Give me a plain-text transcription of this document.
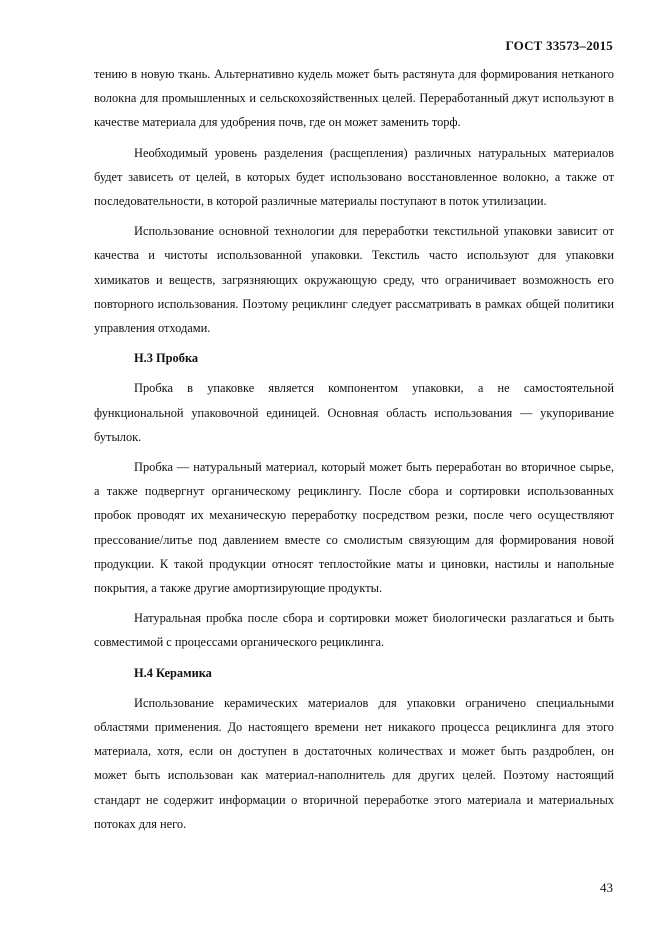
ГОСТ 33573–2015

тению в новую ткань. Альтернативно кудель может быть растянута для формирования нетканого волокна для промышленных и сельскохозяйственных целей. Переработанный джут используют в качестве материала для удобрения почв, где он может заменить торф.

Необходимый уровень разделения (расщепления) различных натуральных материалов будет зависеть от целей, в которых будет использовано восстановленное волокно, а также от последовательности, в которой различные материалы поступают в поток утилизации.

Использование основной технологии для переработки текстильной упаковки зависит от качества и чистоты использованной упаковки. Текстиль часто используют для упаковки химикатов и веществ, загрязняющих окружающую среду, что ограничивает возможность его повторного использования. Поэтому рециклинг следует рассматривать в рамках общей политики управления отходами.

Н.3 Пробка

Пробка в упаковке является компонентом упаковки, а не самостоятельной функциональной упаковочной единицей. Основная область использования — укупоривание бутылок.

Пробка — натуральный материал, который может быть переработан во вторичное сырье, а также подвергнут органическому рециклингу. После сбора и сортировки использованных пробок проводят их механическую переработку посредством резки, после чего осуществляют прессование/литье под давлением вместе со смолистым связующим для формирования новой продукции. К такой продукции относят теплостойкие маты и циновки, настилы и напольные покрытия, а также другие амортизирующие продукты.

Натуральная пробка после сбора и сортировки может биологически разлагаться и быть совместимой с процессами органического рециклинга.

Н.4 Керамика

Использование керамических материалов для упаковки ограничено специальными областями применения. До настоящего времени нет никакого процесса рециклинга для этого материала, хотя, если он доступен в достаточных количествах и может быть раздроблен, он может быть использован как материал-наполнитель для других целей. Поэтому настоящий стандарт не содержит информации о вторичной переработке этого материала и материальных потоках для него.

43
